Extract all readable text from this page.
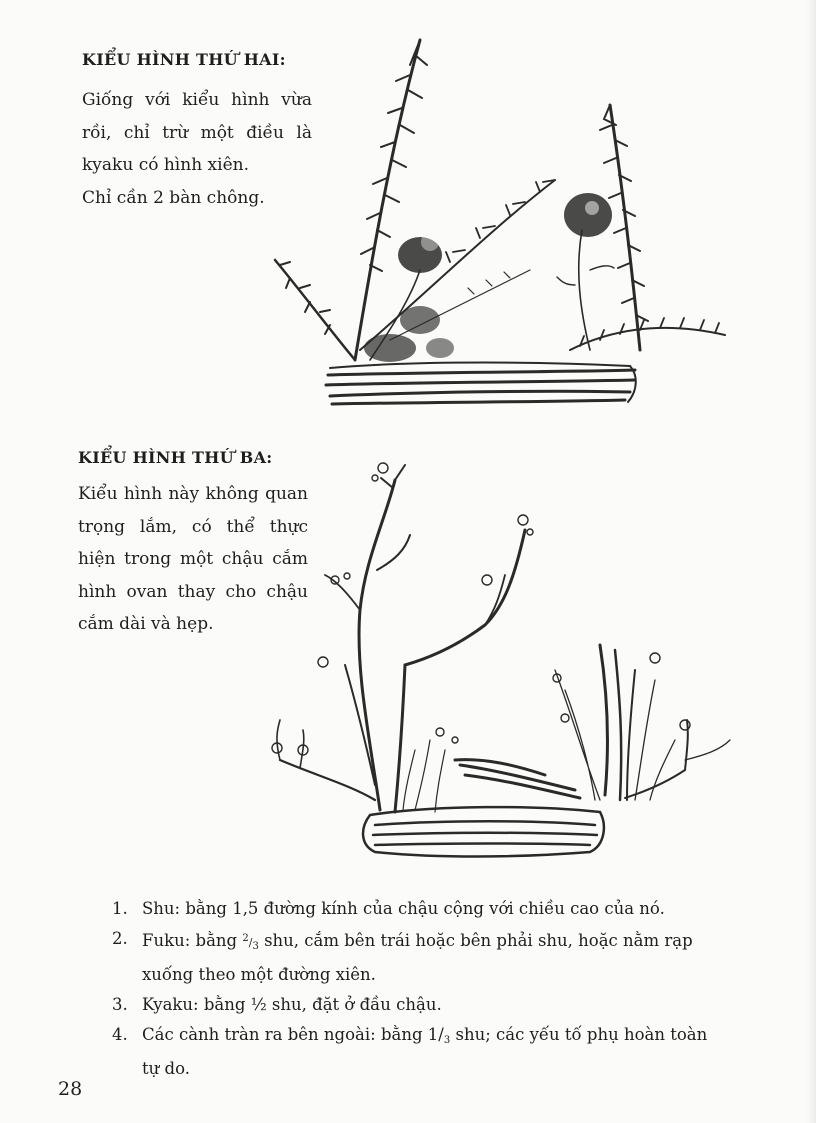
KIỂU HÌNH THỨ HAI:

Giống với kiểu hình vừa
rồi, chỉ trừ một điều là
kyaku có hình xiên.
Chỉ cần 2 bàn chông.

KIỂU HÌNH THỨ BA:

Kiểu hình này không quan
trọng lắm, có thể thực
hiện trong một chậu cắm
hình ovan thay cho chậu
cắm dài và hẹp.

1. Shu: bằng 1,5 đường kính của chậu cộng với chiều cao của nó.
2. Fuku: bằng $^2/_3$ shu, cắm bên trái hoặc bên phải shu, hoặc nằm rạp xuống theo một đường xiên.
3. Kyaku: bằng ½ shu, đặt ở đầu chậu.
4. Các cành tràn ra bên ngoài: bằng $1/_3$ shu; các yếu tố phụ hoàn toàn tự do.
28
